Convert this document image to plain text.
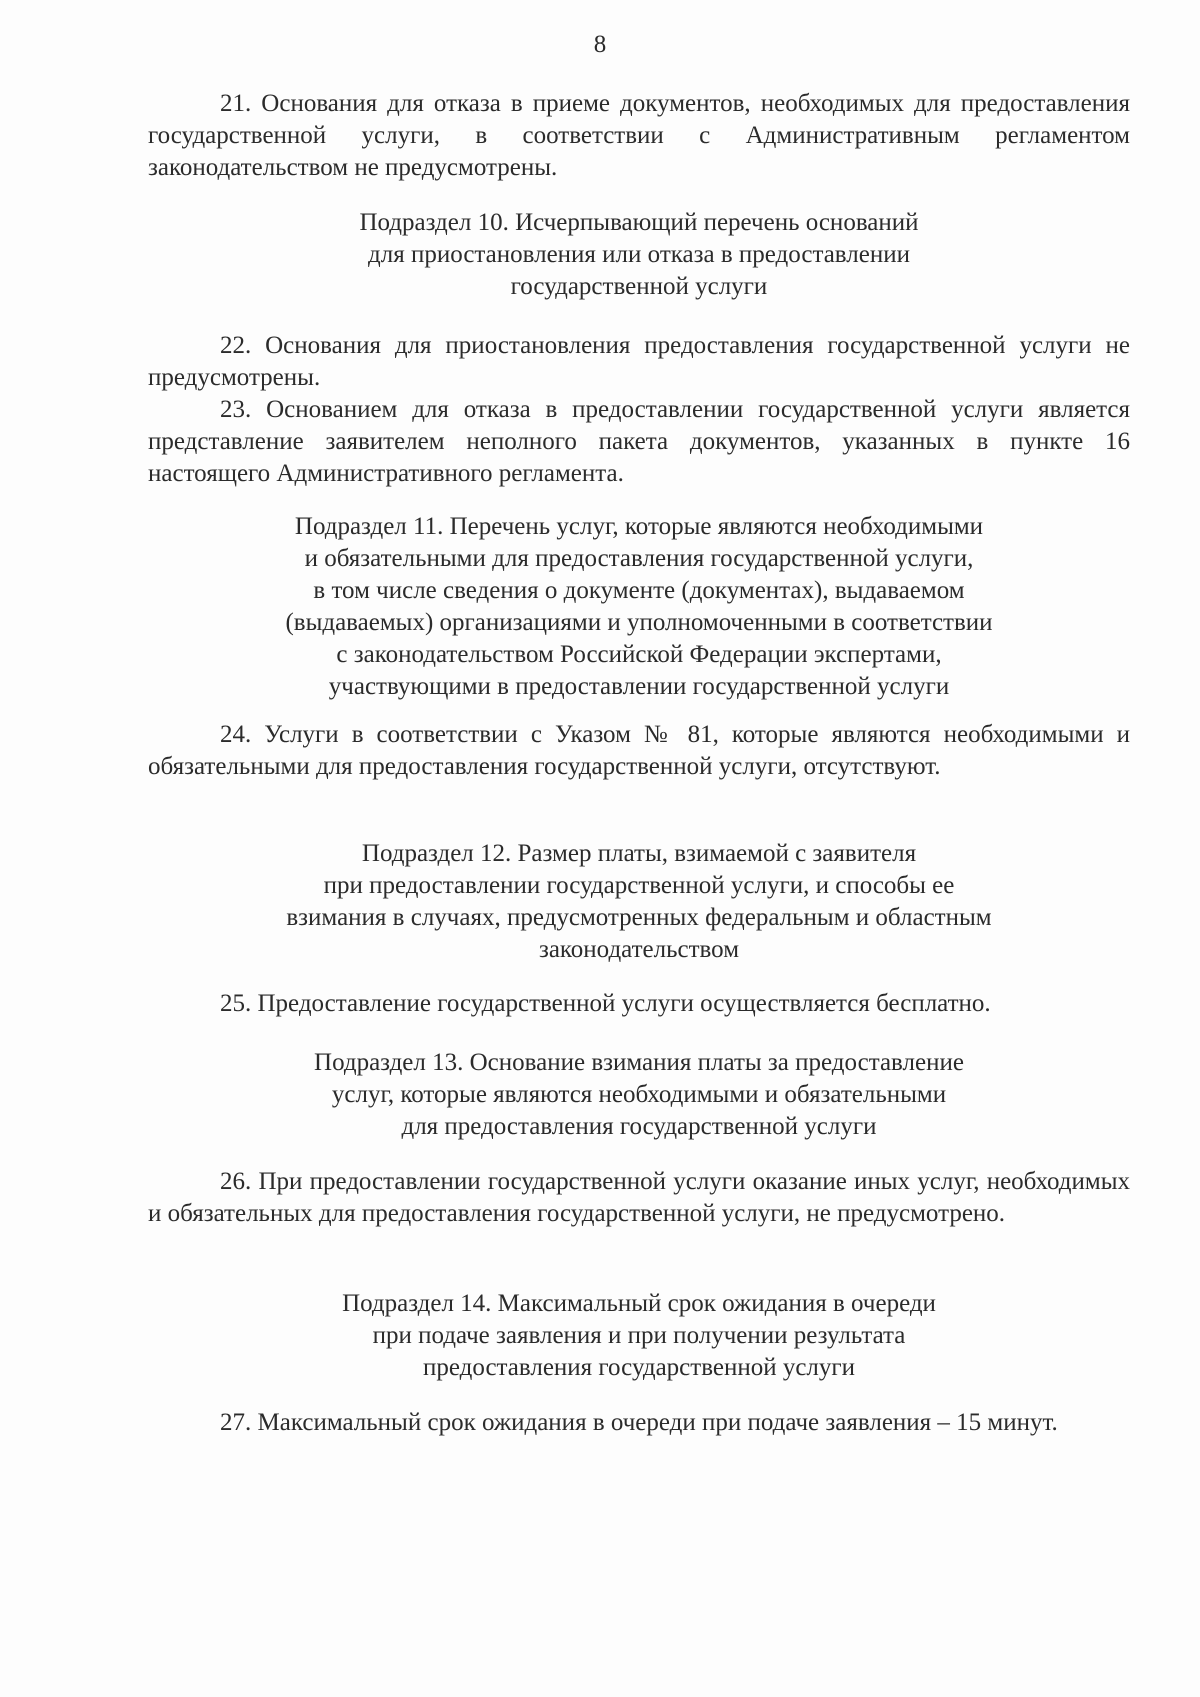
8

21. Основания для отказа в приеме документов, необходимых для предоставления государственной услуги, в соответствии с Административным регламентом законодательством не предусмотрены.

Подраздел 10. Исчерпывающий перечень оснований
для приостановления или отказа в предоставлении
государственной услуги

22. Основания для приостановления предоставления государственной услуги не предусмотрены.

23. Основанием для отказа в предоставлении государственной услуги является представление заявителем неполного пакета документов, указанных в пункте 16 настоящего Административного регламента.

Подраздел 11. Перечень услуг, которые являются необходимыми
и обязательными для предоставления государственной услуги,
в том числе сведения о документе (документах), выдаваемом
(выдаваемых) организациями и уполномоченными в соответствии
с законодательством Российской Федерации экспертами,
участвующими в предоставлении государственной услуги

24. Услуги в соответствии с Указом № 81, которые являются необходимыми и обязательными для предоставления государственной услуги, отсутствуют.

Подраздел 12. Размер платы, взимаемой с заявителя
при предоставлении государственной услуги, и способы ее
взимания в случаях, предусмотренных федеральным и областным
законодательством

25. Предоставление государственной услуги осуществляется бесплатно.

Подраздел 13. Основание взимания платы за предоставление
услуг, которые являются необходимыми и обязательными
для предоставления государственной услуги

26. При предоставлении государственной услуги оказание иных услуг, необходимых и обязательных для предоставления государственной услуги, не предусмотрено.

Подраздел 14. Максимальный срок ожидания в очереди
при подаче заявления и при получении результата
предоставления государственной услуги

27. Максимальный срок ожидания в очереди при подаче заявления – 15 минут.
